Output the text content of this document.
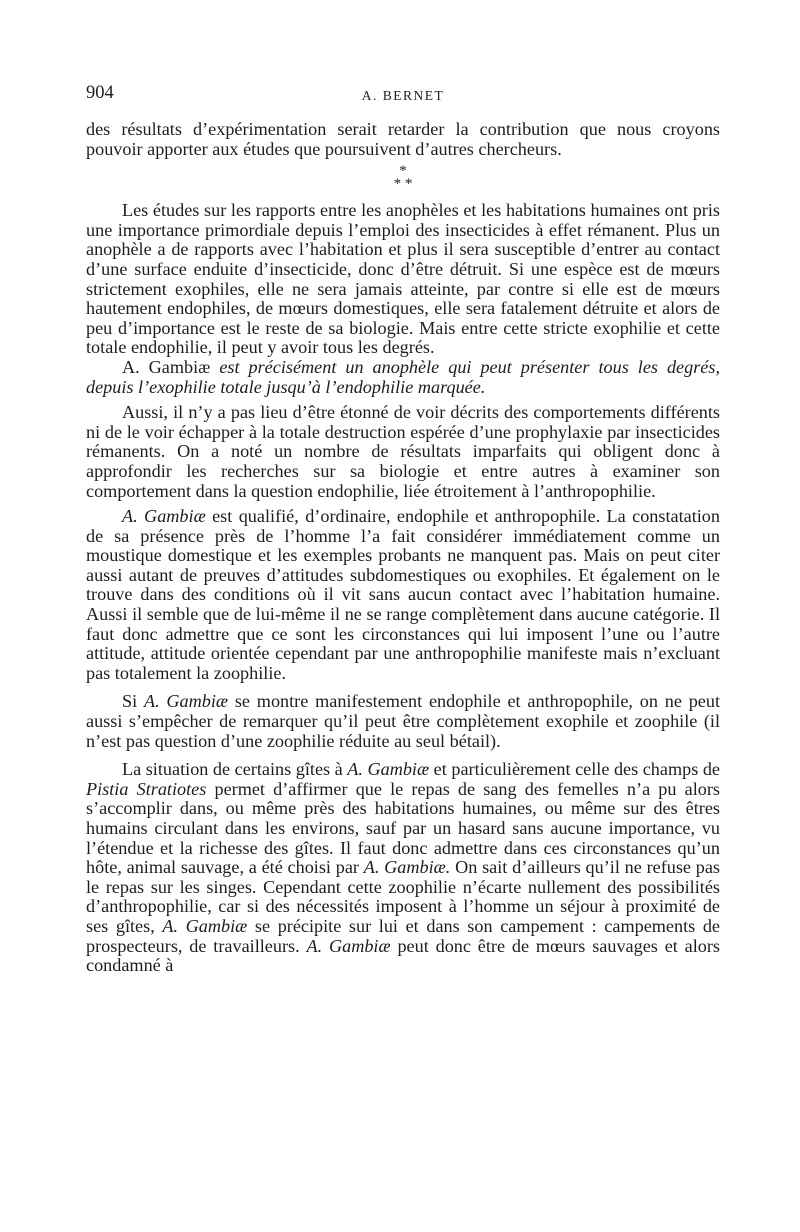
904	A. BERNET

des résultats d’expérimentation serait retarder la contribution que nous croyons pouvoir apporter aux études que poursuivent d’autres chercheurs.

*
* *

Les études sur les rapports entre les anophèles et les habitations humaines ont pris une importance primordiale depuis l’emploi des insecticides à effet rémanent. Plus un anophèle a de rapports avec l’habitation et plus il sera susceptible d’entrer au contact d’une surface enduite d’insecticide, donc d’être détruit. Si une espèce est de mœurs strictement exophiles, elle ne sera jamais atteinte, par contre si elle est de mœurs hautement endophiles, de mœurs domestiques, elle sera fatalement détruite et alors de peu d’importance est le reste de sa biologie. Mais entre cette stricte exophilie et cette totale endophilie, il peut y avoir tous les degrés.

A. Gambiæ est précisément un anophèle qui peut présenter tous les degrés, depuis l’exophilie totale jusqu’à l’endophilie marquée.

Aussi, il n’y a pas lieu d’être étonné de voir décrits des comportements différents ni de le voir échapper à la totale destruction espérée d’une prophylaxie par insecticides rémanents. On a noté un nombre de résultats imparfaits qui obligent donc à approfondir les recherches sur sa biologie et entre autres à examiner son comportement dans la question endophilie, liée étroitement à l’anthropophilie.

A. Gambiæ est qualifié, d’ordinaire, endophile et anthropophile. La constatation de sa présence près de l’homme l’a fait considérer immédiatement comme un moustique domestique et les exemples probants ne manquent pas. Mais on peut citer aussi autant de preuves d’attitudes subdomestiques ou exophiles. Et également on le trouve dans des conditions où il vit sans aucun contact avec l’habitation humaine. Aussi il semble que de lui-même il ne se range complètement dans aucune catégorie. Il faut donc admettre que ce sont les circonstances qui lui imposent l’une ou l’autre attitude, attitude orientée cependant par une anthropophilie manifeste mais n’excluant pas totalement la zoophilie.

Si A. Gambiæ se montre manifestement endophile et anthropophile, on ne peut aussi s’empêcher de remarquer qu’il peut être complètement exophile et zoophile (il n’est pas question d’une zoophilie réduite au seul bétail).

La situation de certains gîtes à A. Gambiæ et particulièrement celle des champs de Pistia Stratiotes permet d’affirmer que le repas de sang des femelles n’a pu alors s’accomplir dans, ou même près des habitations humaines, ou même sur des êtres humains circulant dans les environs, sauf par un hasard sans aucune importance, vu l’étendue et la richesse des gîtes. Il faut donc admettre dans ces circonstances qu’un hôte, animal sauvage, a été choisi par A. Gambiæ. On sait d’ailleurs qu’il ne refuse pas le repas sur les singes. Cependant cette zoophilie n’écarte nullement des possibilités d’anthropophilie, car si des nécessités imposent à l’homme un séjour à proximité de ses gîtes, A. Gambiæ se précipite sur lui et dans son campement : campements de prospecteurs, de travailleurs. A. Gambiæ peut donc être de mœurs sauvages et alors condamné à
